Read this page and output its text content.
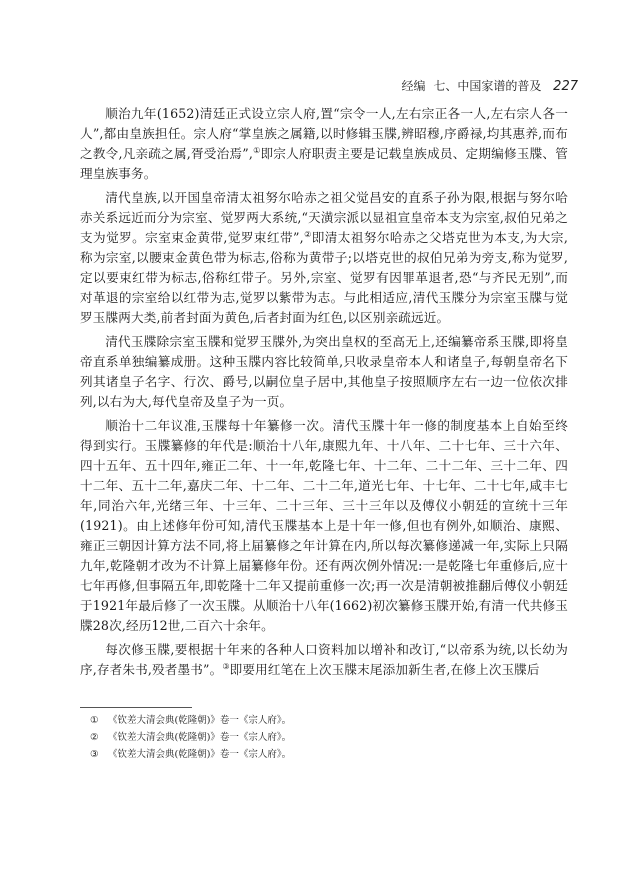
经编 七、中国家谱的普及 227

顺治九年(1652)清廷正式设立宗人府,置“宗令一人,左右宗正各一人,左右宗人各一人”,都由皇族担任。宗人府“掌皇族之属籍,以时修辑玉牒,辨昭穆,序爵禄,均其惠养,而布之教令,凡亲疏之属,胥受治焉”,①即宗人府职责主要是记载皇族成员、定期编修玉牒、管理皇族事务。

清代皇族,以开国皇帝清太祖努尔哈赤之祖父觉昌安的直系子孙为限,根据与努尔哈赤关系远近而分为宗室、觉罗两大系统,“天潢宗派以显祖宣皇帝本支为宗室,叔伯兄弟之支为觉罗。宗室束金黄带,觉罗束红带”,②即清太祖努尔哈赤之父塔克世为本支,为大宗,称为宗室,以腰束金黄色带为标志,俗称为黄带子;以塔克世的叔伯兄弟为旁支,称为觉罗,定以要束红带为标志,俗称红带子。另外,宗室、觉罗有因罪革退者,恐“与齐民无别”,而对革退的宗室给以红带为志,觉罗以紫带为志。与此相适应,清代玉牒分为宗室玉牒与觉罗玉牒两大类,前者封面为黄色,后者封面为红色,以区别亲疏远近。

清代玉牒除宗室玉牒和觉罗玉牒外,为突出皇权的至高无上,还编纂帝系玉牒,即将皇帝直系单独编纂成册。这种玉牒内容比较简单,只收录皇帝本人和诸皇子,每朝皇帝名下列其诸皇子名字、行次、爵号,以嗣位皇子居中,其他皇子按照顺序左右一边一位依次排列,以右为大,每代皇帝及皇子为一页。

顺治十二年议准,玉牒每十年纂修一次。清代玉牒十年一修的制度基本上自始至终得到实行。玉牒纂修的年代是:顺治十八年,康熙九年、十八年、二十七年、三十六年、四十五年、五十四年,雍正二年、十一年,乾隆七年、十二年、二十二年、三十二年、四十二年、五十二年,嘉庆二年、十二年、二十二年,道光七年、十七年、二十七年,咸丰七年,同治六年,光绪三年、十三年、二十三年、三十三年以及傅仪小朝廷的宣统十三年(1921)。由上述修年份可知,清代玉牒基本上是十年一修,但也有例外,如顺治、康熙、雍正三朝因计算方法不同,将上届纂修之年计算在内,所以每次纂修递减一年,实际上只隔九年,乾隆朝才改为不计算上届纂修年份。还有两次例外情况:一是乾隆七年重修后,应十七年再修,但事隔五年,即乾隆十二年又提前重修一次;再一次是清朝被推翻后傅仪小朝廷于1921年最后修了一次玉牒。从顺治十八年(1662)初次纂修玉牒开始,有清一代共修玉牒28次,经历12世,二百六十余年。

每次修玉牒,要根据十年来的各种人口资料加以增补和改订,“以帝系为统,以长幼为序,存者朱书,殁者墨书”。③即要用红笔在上次玉牒末尾添加新生者,在修上次玉牒后

① 《钦差大清会典(乾隆朝)》卷一《宗人府》。

② 《钦差大清会典(乾隆朝)》卷一《宗人府》。

③ 《钦差大清会典(乾隆朝)》卷一《宗人府》。
